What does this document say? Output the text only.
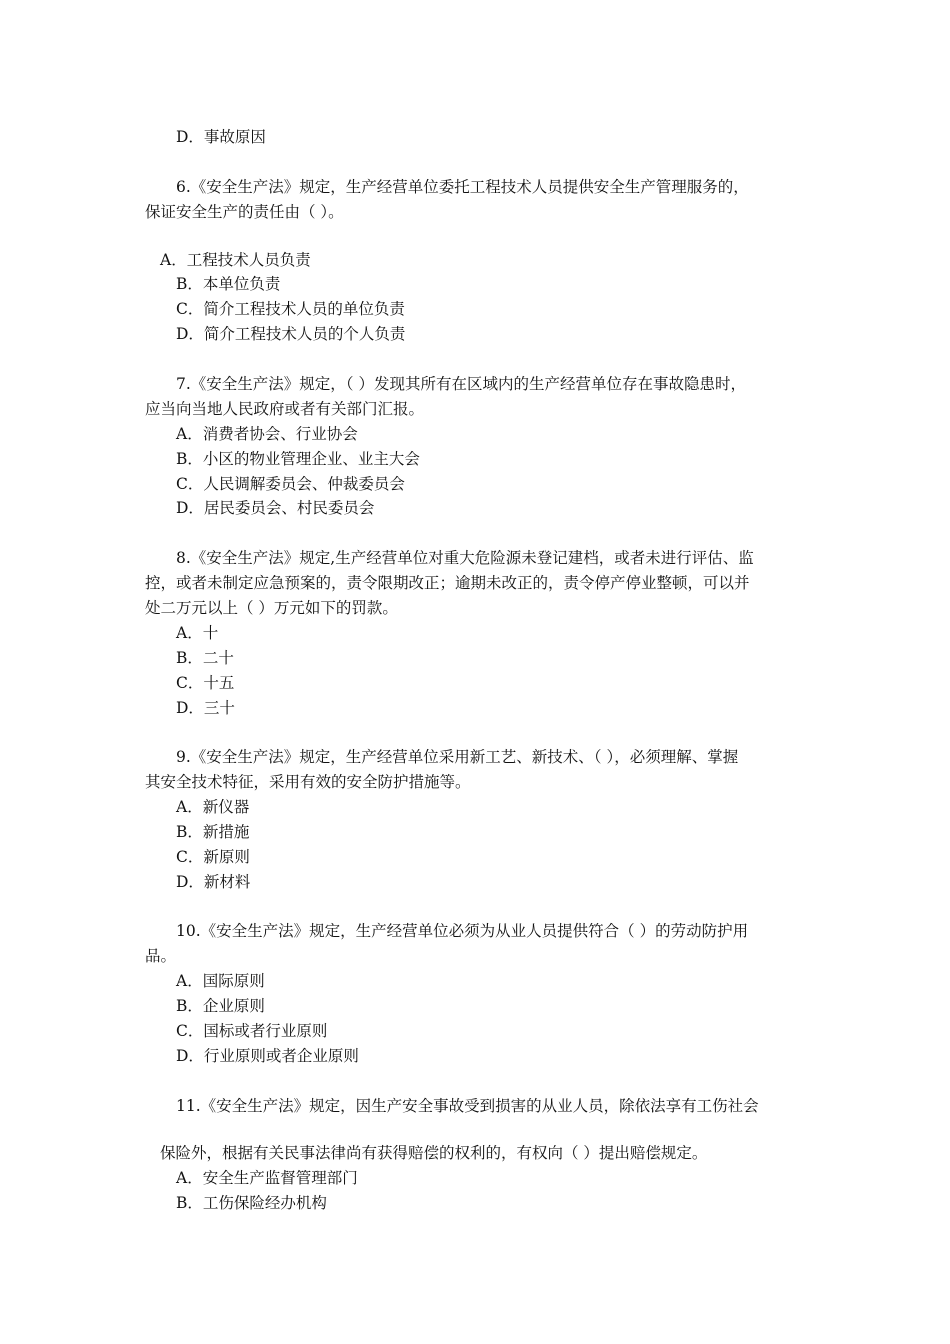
D．事故原因
6.《安全生产法》规定，生产经营单位委托工程技术人员提供安全生产管理服务的，
保证安全生产的责任由（ ）。
A．工程技术人员负责
B．本单位负责
C．简介工程技术人员的单位负责
D．简介工程技术人员的个人负责
7.《安全生产法》规定，（ ）发现其所有在区域内的生产经营单位存在事故隐患时，
应当向当地人民政府或者有关部门汇报。
A．消费者协会、行业协会
B．小区的物业管理企业、业主大会
C．人民调解委员会、仲裁委员会
D．居民委员会、村民委员会
8.《安全生产法》规定,生产经营单位对重大危险源未登记建档，或者未进行评估、监
控，或者未制定应急预案的，责令限期改正；逾期未改正的，责令停产停业整顿，可以并
处二万元以上（ ）万元如下的罚款。
A．十
B．二十
C．十五
D．三十
9.《安全生产法》规定，生产经营单位采用新工艺、新技术、（ ），必须理解、掌握
其安全技术特征，采用有效的安全防护措施等。
A．新仪器
B．新措施
C．新原则
D．新材料
10.《安全生产法》规定，生产经营单位必须为从业人员提供符合（ ）的劳动防护用
品。
A．国际原则
B．企业原则
C．国标或者行业原则
D．行业原则或者企业原则
11.《安全生产法》规定，因生产安全事故受到损害的从业人员，除依法享有工伤社会
保险外，根据有关民事法律尚有获得赔偿的权利的，有权向（ ）提出赔偿规定。
A．安全生产监督管理部门
B．工伤保险经办机构
